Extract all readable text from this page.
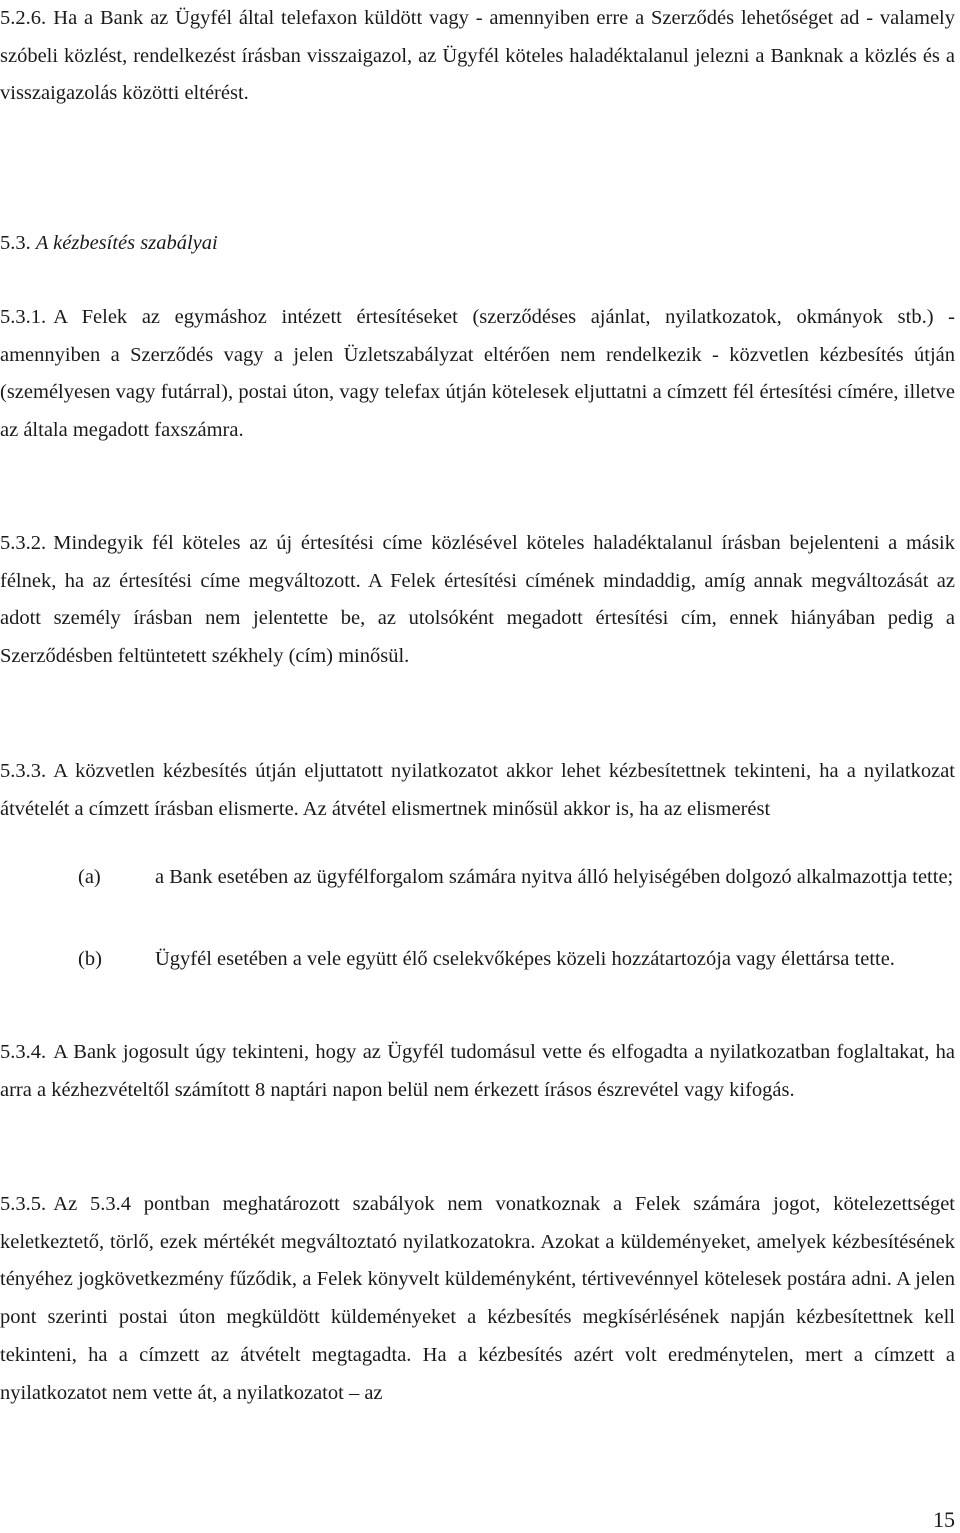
5.2.6. Ha a Bank az Ügyfél által telefaxon küldött vagy - amennyiben erre a Szerződés lehetőséget ad - valamely szóbeli közlést, rendelkezést írásban visszaigazol, az Ügyfél köteles haladéktalanul jelezni a Banknak a közlés és a visszaigazolás közötti eltérést.

5.3. A kézbesítés szabályai

5.3.1. A Felek az egymáshoz intézett értesítéseket (szerződéses ajánlat, nyilatkozatok, okmányok stb.) - amennyiben a Szerződés vagy a jelen Üzletszabályzat eltérően nem rendelkezik - közvetlen kézbesítés útján (személyesen vagy futárral), postai úton, vagy telefax útján kötelesek eljuttatni a címzett fél értesítési címére, illetve az általa megadott faxszámra.

5.3.2. Mindegyik fél köteles az új értesítési címe közlésével köteles haladéktalanul írásban bejelenteni a másik félnek, ha az értesítési címe megváltozott. A Felek értesítési címének mindaddig, amíg annak megváltozását az adott személy írásban nem jelentette be, az utolsóként megadott értesítési cím, ennek hiányában pedig a Szerződésben feltüntetett székhely (cím) minősül.

5.3.3. A közvetlen kézbesítés útján eljuttatott nyilatkozatot akkor lehet kézbesítettnek tekinteni, ha a nyilatkozat átvételét a címzett írásban elismerte. Az átvétel elismertnek minősül akkor is, ha az elismerést

(a)	a Bank esetében az ügyfélforgalom számára nyitva álló helyiségében dolgozó alkalmazottja tette;
(b)	Ügyfél esetében a vele együtt élő cselekvőképes közeli hozzátartozója vagy élettársa tette.

5.3.4. A Bank jogosult úgy tekinteni, hogy az Ügyfél tudomásul vette és elfogadta a nyilatkozatban foglaltakat, ha arra a kézhezvételtől számított 8 naptári napon belül nem érkezett írásos észrevétel vagy kifogás.

5.3.5. Az 5.3.4 pontban meghatározott szabályok nem vonatkoznak a Felek számára jogot, kötelezettséget keletkeztető, törlő, ezek mértékét megváltoztató nyilatkozatokra. Azokat a küldeményeket, amelyek kézbesítésének tényéhez jogkövetkezmény fűződik, a Felek könyvelt küldeményként, tértivevénnyel kötelesek postára adni. A jelen pont szerinti postai úton megküldött küldeményeket a kézbesítés megkísérlésének napján kézbesítettnek kell tekinteni, ha a címzett az átvételt megtagadta. Ha a kézbesítés azért volt eredménytelen, mert a címzett a nyilatkozatot nem vette át, a nyilatkozatot – az

15
